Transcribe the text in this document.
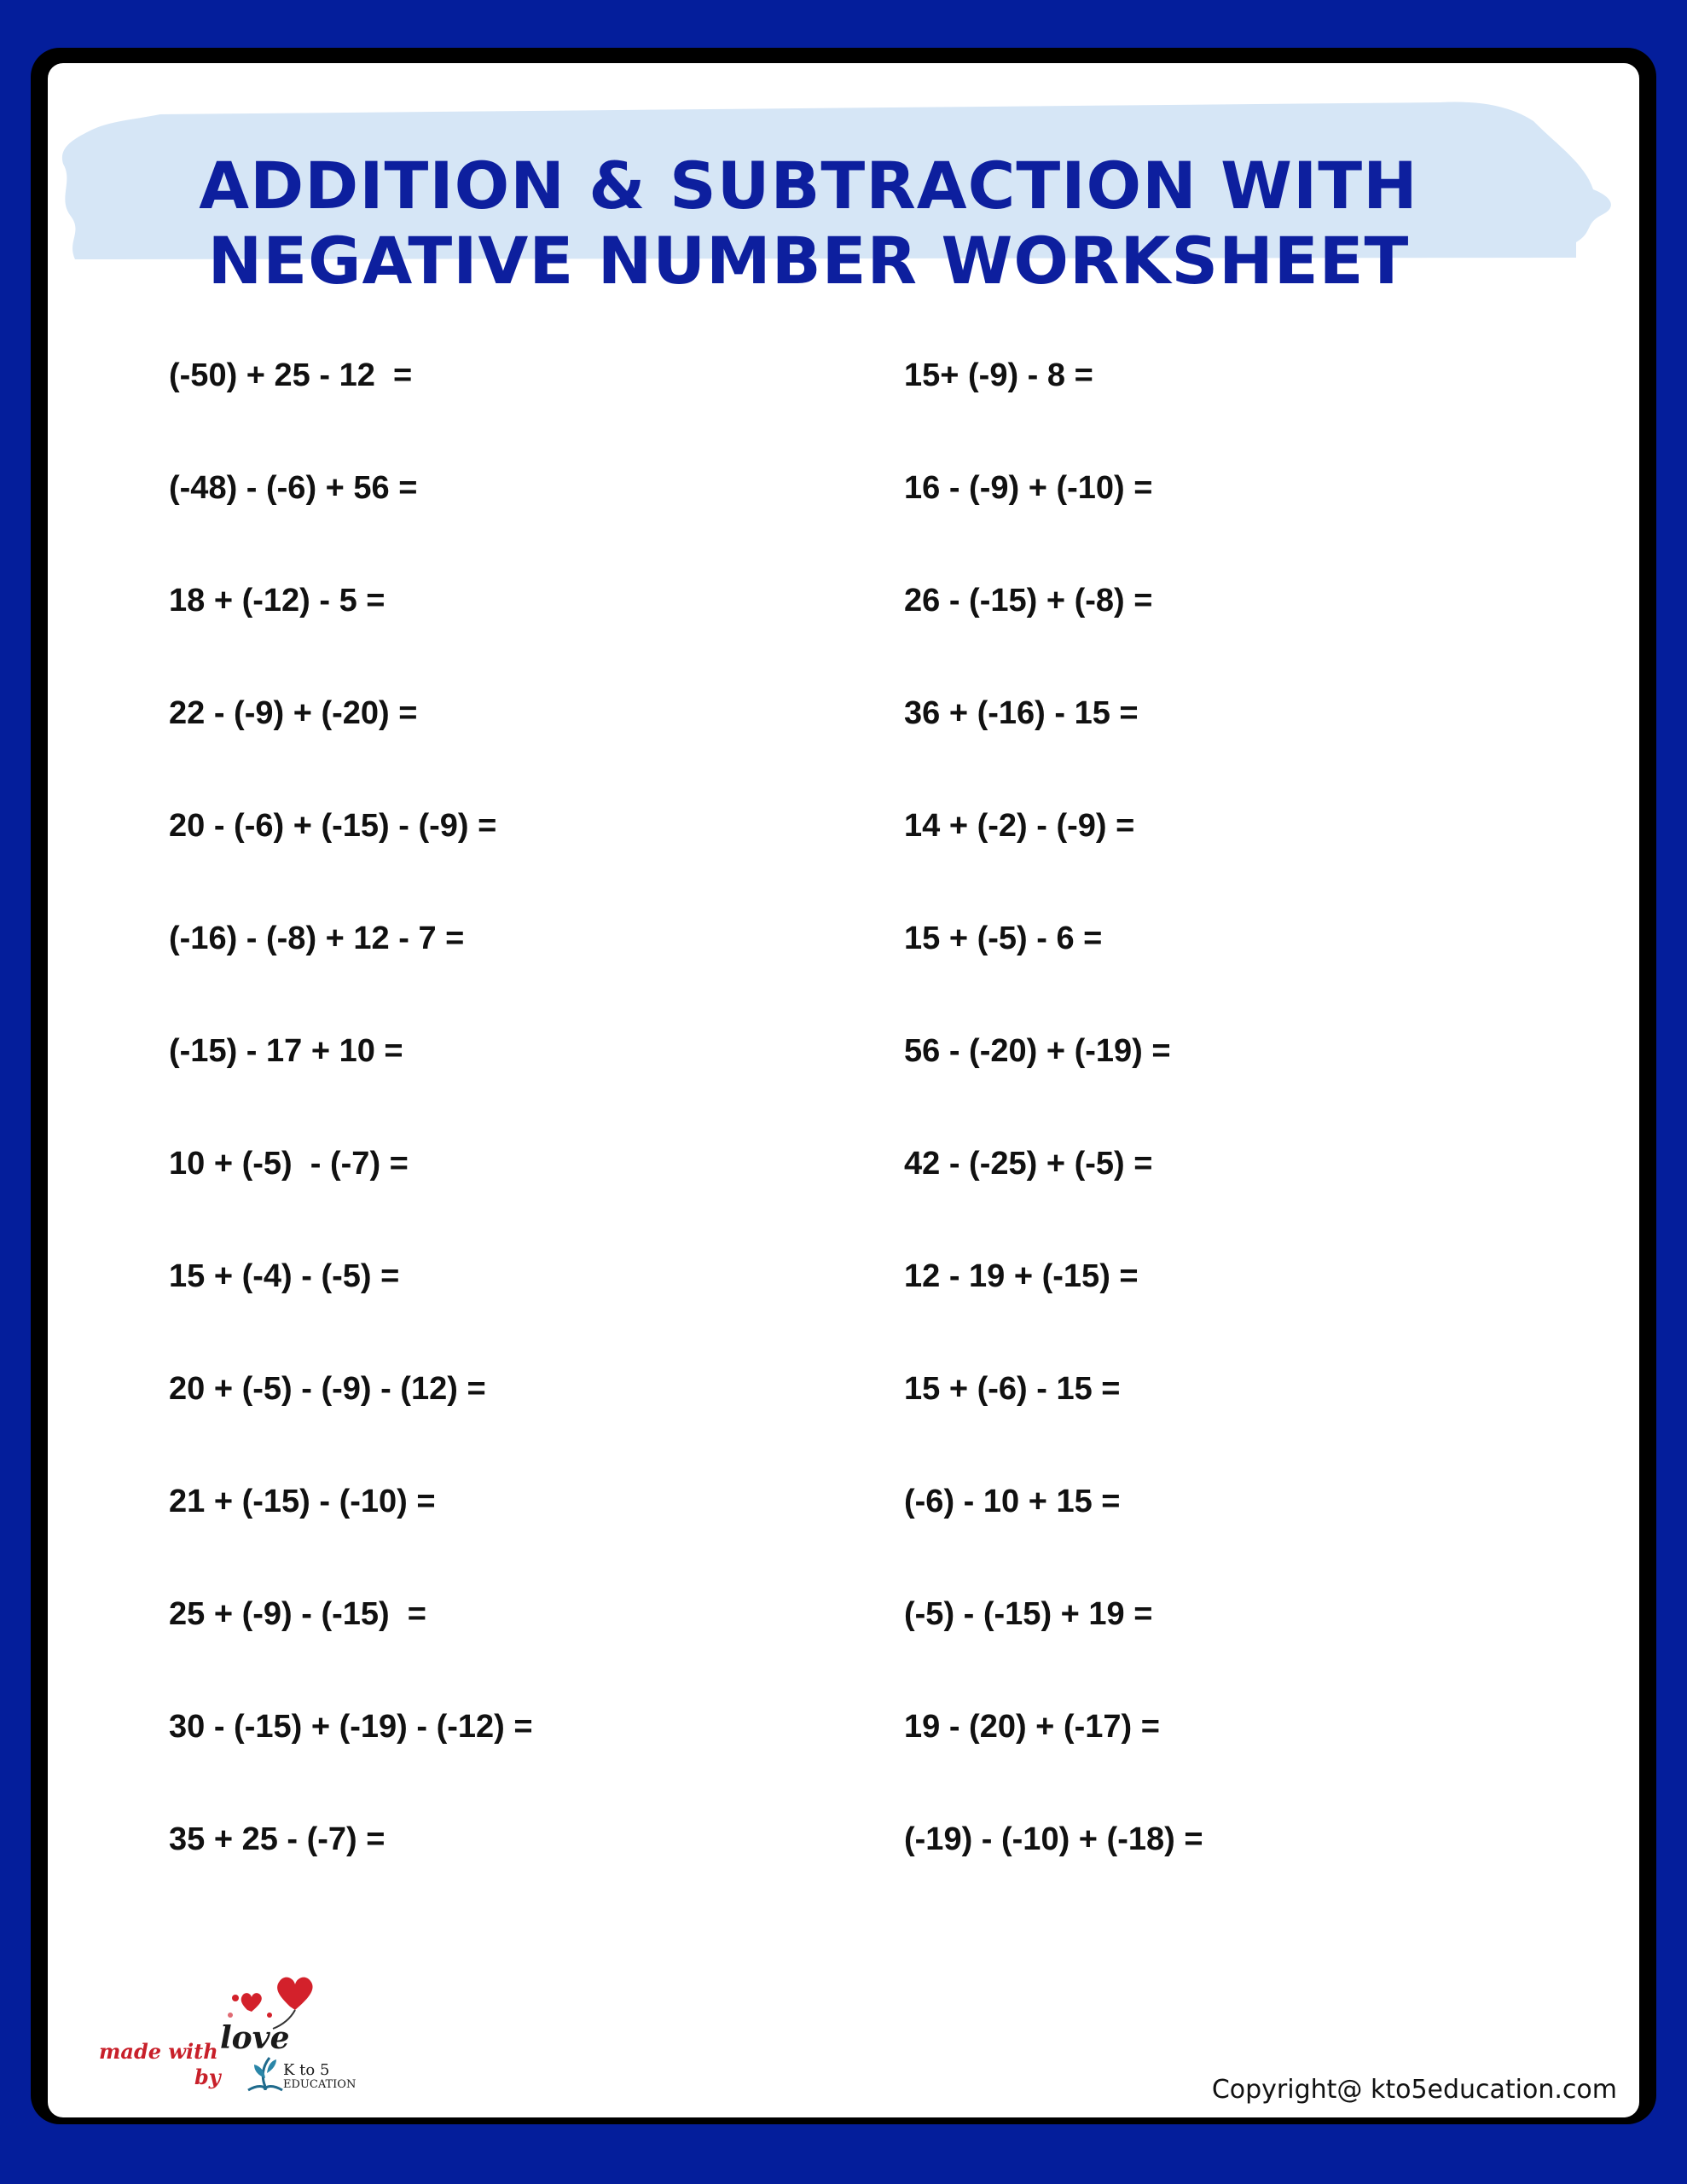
ADDITION & SUBTRACTION WITH
NEGATIVE NUMBER WORKSHEET
(-50) + 25 - 12  =
(-48) - (-6) + 56 =
18 + (-12) - 5 =
22 - (-9) + (-20) =
20 - (-6) + (-15) - (-9) =
(-16) - (-8) + 12 - 7 =
(-15) - 17 + 10 =
10 + (-5)  - (-7) =
15 + (-4) - (-5) =
20 + (-5) - (-9) - (12) =
21 + (-15) - (-10) =
25 + (-9) - (-15)  =
30 - (-15) + (-19) - (-12) =
35 + 25 - (-7) =
15+ (-9) - 8 =
16 - (-9) + (-10) =
26 - (-15) + (-8) =
36 + (-16) - 15 =
14 + (-2) - (-9) =
15 + (-5) - 6 =
56 - (-20) + (-19) =
42 - (-25) + (-5) =
12 - 19 + (-15) =
15 + (-6) - 15 =
(-6) - 10 + 15 =
(-5) - (-15) + 19 =
19 - (20) + (-17) =
(-19) - (-10) + (-18) =
made with love
by	K to 5
EDUCATION	Copyright@ kto5education.com
